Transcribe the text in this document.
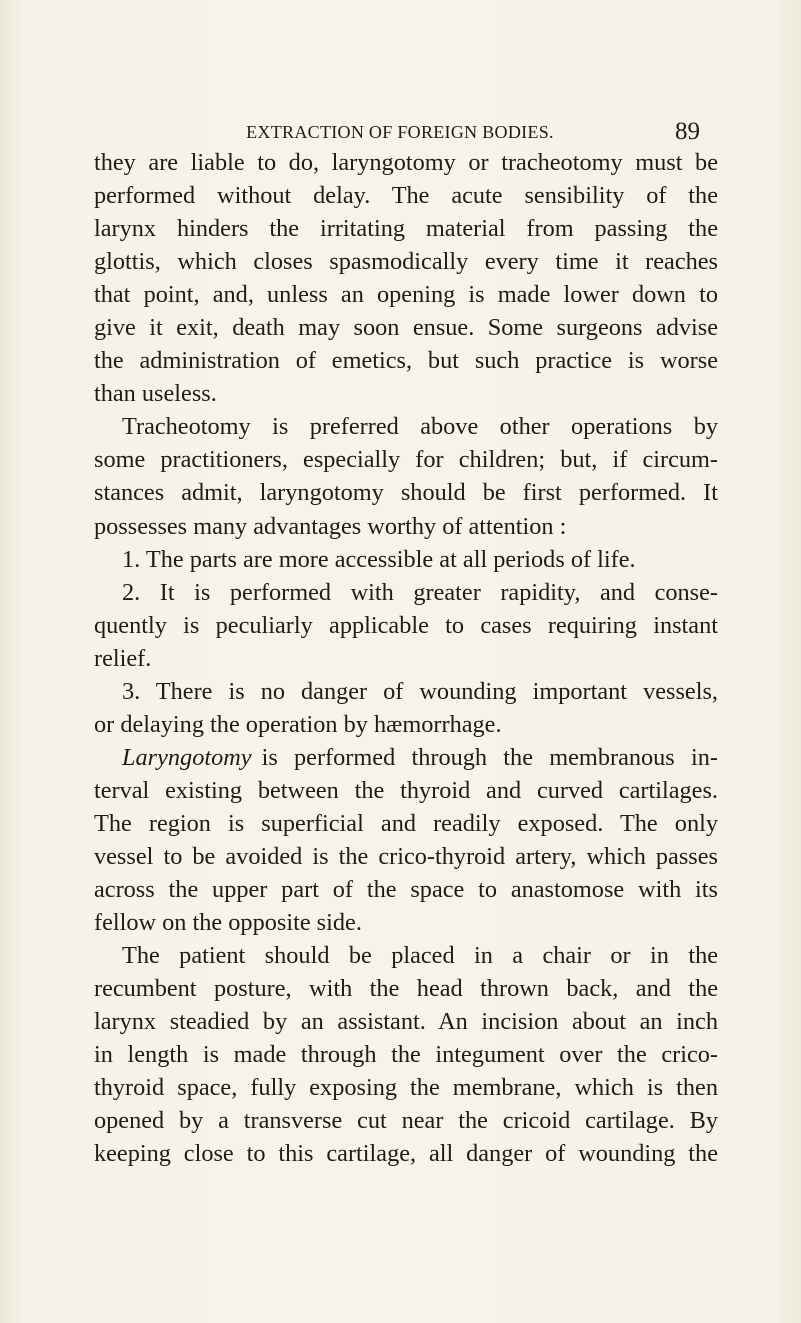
EXTRACTION OF FOREIGN BODIES.	89
they are liable to do, laryngotomy or tracheotomy must be
performed without delay. The acute sensibility of the
larynx hinders the irritating material from passing the
glottis, which closes spasmodically every time it reaches
that point, and, unless an opening is made lower down to
give it exit, death may soon ensue. Some surgeons advise
the administration of emetics, but such practice is worse
than useless.
Tracheotomy is preferred above other operations by
some practitioners, especially for children; but, if circum-
stances admit, laryngotomy should be first performed. It
possesses many advantages worthy of attention :
1. The parts are more accessible at all periods of life.
2. It is performed with greater rapidity, and conse-
quently is peculiarly applicable to cases requiring instant
relief.
3. There is no danger of wounding important vessels,
or delaying the operation by hæmorrhage.
Laryngotomy is performed through the membranous in-
terval existing between the thyroid and curved cartilages.
The region is superficial and readily exposed. The only
vessel to be avoided is the crico-thyroid artery, which passes
across the upper part of the space to anastomose with its
fellow on the opposite side.
The patient should be placed in a chair or in the
recumbent posture, with the head thrown back, and the
larynx steadied by an assistant. An incision about an inch
in length is made through the integument over the crico-
thyroid space, fully exposing the membrane, which is then
opened by a transverse cut near the cricoid cartilage. By
keeping close to this cartilage, all danger of wounding the
